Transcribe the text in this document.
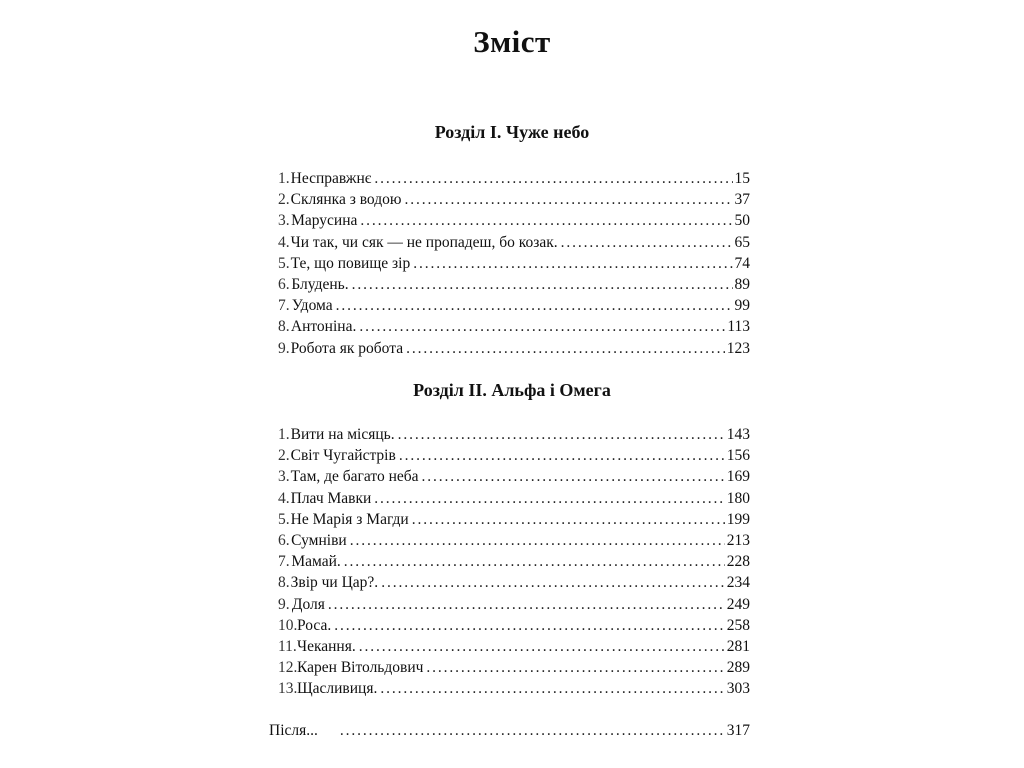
Зміст
Розділ І. Чуже небо
1. Несправжнє . . .	15
2. Склянка з водою . . .	37
3. Марусина . . .	50
4. Чи так, чи сяк — не пропадеш, бо козак. . . .	65
5. Те, що повище зір . . .	74
6. Блудень. . . .	89
7. Удома . . .	99
8. Антоніна. . . .	113
9. Робота як робота . . .	123
Розділ ІІ. Альфа і Омега
1. Вити на місяць. . . .	143
2. Світ Чугайстрів . . .	156
3. Там, де багато неба . . .	169
4. Плач Мавки . . .	180
5. Не Марія з Магди . . .	199
6. Сумніви . . .	213
7. Мамай. . . .	228
8. Звір чи Цар?. . . .	234
9. Доля . . .	249
10. Роса. . . .	258
11. Чекання. . . .	281
12. Карен Вітольдович . . .	289
13. Щасливиця. . . .	303
Після... . . .	317
